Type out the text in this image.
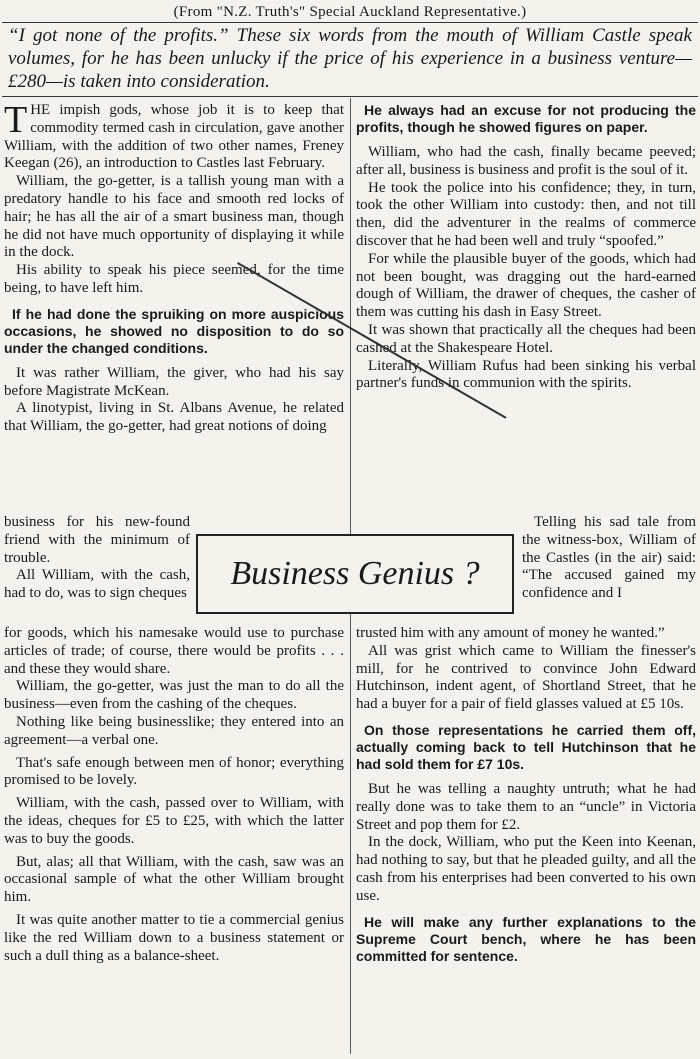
(From "N.Z. Truth's" Special Auckland Representative.)
“I got none of the profits.” These six words from the mouth of William Castle speak volumes, for he has been unlucky if the price of his experience in a business venture—£280—is taken into consideration.

THE impish gods, whose job it is to keep that commodity termed cash in circulation, gave another William, with the addition of two other names, Freney Keegan (26), an introduction to Castles last February.

William, the go-getter, is a tallish young man with a predatory handle to his face and smooth red locks of hair; he has all the air of a smart business man, though he did not have much opportunity of displaying it while in the dock.

His ability to speak his piece seemed, for the time being, to have left him.

If he had done the spruiking on more auspicious occasions, he showed no disposition to do so under the changed conditions.

It was rather William, the giver, who had his say before Magistrate McKean.

A linotypist, living in St. Albans Avenue, he related that William, the go-getter, had great notions of doing

He always had an excuse for not producing the profits, though he showed figures on paper.

William, who had the cash, finally became peeved; after all, business is business and profit is the soul of it.

He took the police into his confidence; they, in turn, took the other William into custody: then, and not till then, did the adventurer in the realms of commerce discover that he had been well and truly “spoofed.”

For while the plausible buyer of the goods, which had not been bought, was dragging out the hard-earned dough of William, the drawer of cheques, the casher of them was cutting his dash in Easy Street.

It was shown that practically all the cheques had been cashed at the Shakespeare Hotel.

Literally, William Rufus had been sinking his verbal partner's funds in communion with the spirits.

business for his new-found friend with the minimum of trouble.

All William, with the cash, had to do, was to sign cheques

Business Genius ?

Telling his sad tale from the witness-box, William of the Castles (in the air) said: “The accused gained my confidence and I

for goods, which his namesake would use to purchase articles of trade; of course, there would be profits . . . and these they would share.

William, the go-getter, was just the man to do all the business—even from the cashing of the cheques.

Nothing like being businesslike; they entered into an agreement—a verbal one.

That's safe enough between men of honor; everything promised to be lovely.

William, with the cash, passed over to William, with the ideas, cheques for £5 to £25, with which the latter was to buy the goods.

But, alas; all that William, with the cash, saw was an occasional sample of what the other William brought him.

It was quite another matter to tie a commercial genius like the red William down to a business statement or such a dull thing as a balance-sheet.

trusted him with any amount of money he wanted.”

All was grist which came to William the finesser's mill, for he contrived to convince John Edward Hutchinson, indent agent, of Shortland Street, that he had a buyer for a pair of field glasses valued at £5 10s.

On those representations he carried them off, actually coming back to tell Hutchinson that he had sold them for £7 10s.

But he was telling a naughty untruth; what he had really done was to take them to an “uncle” in Victoria Street and pop them for £2.

In the dock, William, who put the Keen into Keenan, had nothing to say, but that he pleaded guilty, and all the cash from his enterprises had been converted to his own use.

He will make any further explanations to the Supreme Court bench, where he has been committed for sentence.
